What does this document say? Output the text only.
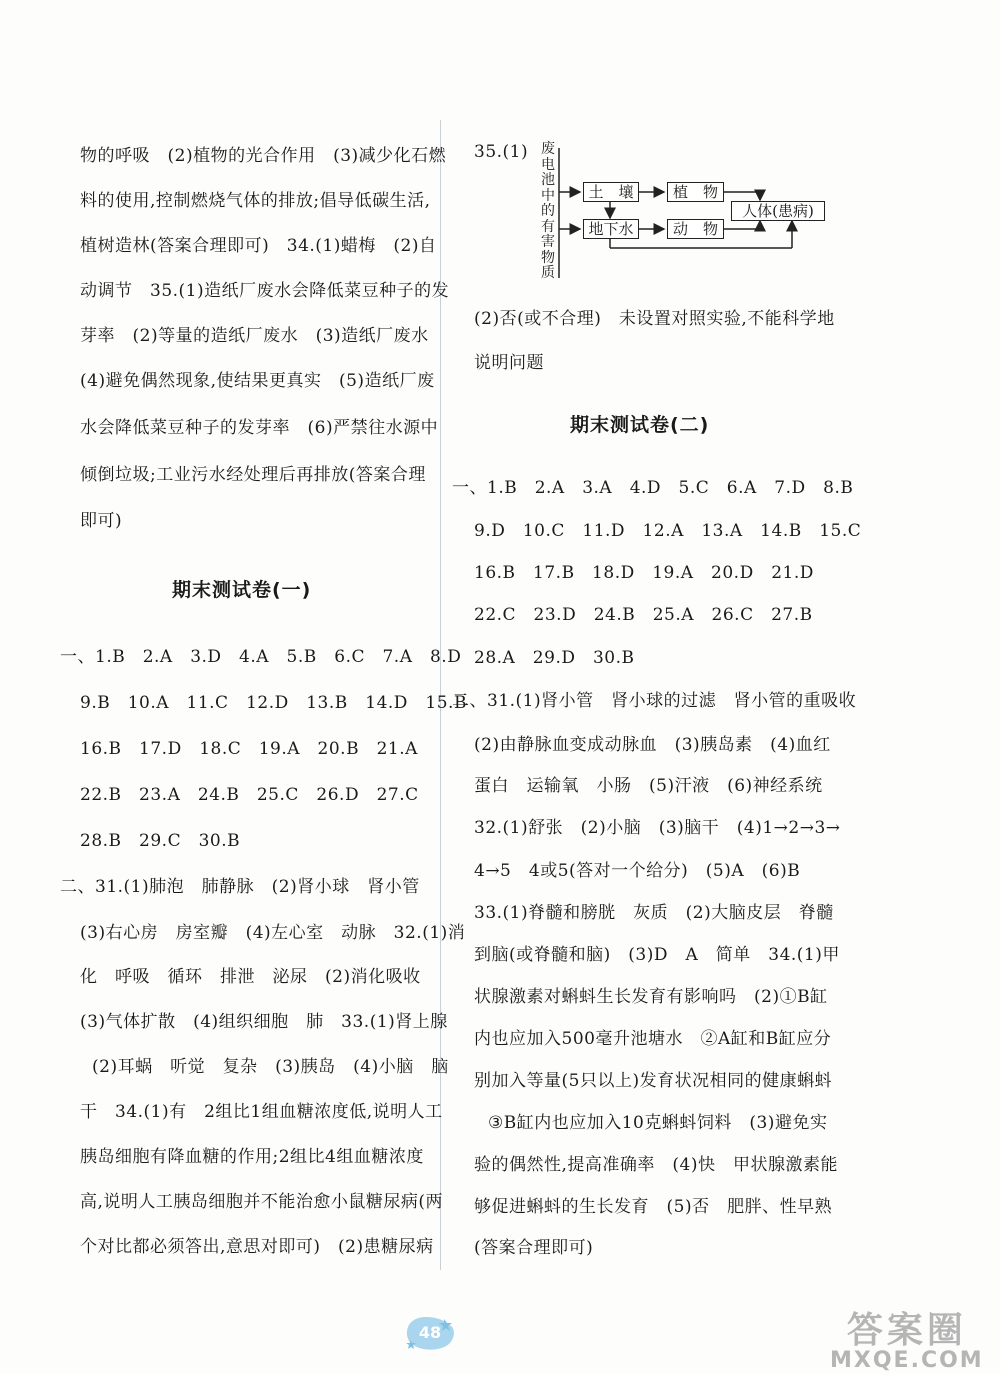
物的呼吸　(2)植物的光合作用　(3)减少化石燃
料的使用,控制燃烧气体的排放;倡导低碳生活,
植树造林(答案合理即可)　34.(1)蜡梅　(2)自
动调节　35.(1)造纸厂废水会降低菜豆种子的发
芽率　(2)等量的造纸厂废水　(3)造纸厂废水
(4)避免偶然现象,使结果更真实　(5)造纸厂废
水会降低菜豆种子的发芽率　(6)严禁往水源中
倾倒垃圾;工业污水经处理后再排放(答案合理
即可)
期末测试卷(一)
一、1.B　2.A　3.D　4.A　5.B　6.C　7.A　8.D
9.B　10.A　11.C　12.D　13.B　14.D　15.B
16.B　17.D　18.C　19.A　20.B　21.A
22.B　23.A　24.B　25.C　26.D　27.C
28.B　29.C　30.B
二、31.(1)肺泡　肺静脉　(2)肾小球　肾小管
(3)右心房　房室瓣　(4)左心室　动脉　32.(1)消
化　呼吸　循环　排泄　泌尿　(2)消化吸收
(3)气体扩散　(4)组织细胞　肺　33.(1)肾上腺
(2)耳蜗　听觉　复杂　(3)胰岛　(4)小脑　脑
干　34.(1)有　2组比1组血糖浓度低,说明人工
胰岛细胞有降血糖的作用;2组比4组血糖浓度
高,说明人工胰岛细胞并不能治愈小鼠糖尿病(两
个对比都必须答出,意思对即可)　(2)患糖尿病
35.(1) 废电池中的有害物质
土　壤	植　物
地下水	动　物
人体(患病)
(2)否(或不合理)　未设置对照实验,不能科学地
说明问题
期末测试卷(二)
一、1.B　2.A　3.A　4.D　5.C　6.A　7.D　8.B
9.D　10.C　11.D　12.A　13.A　14.B　15.C
16.B　17.B　18.D　19.A　20.D　21.D
22.C　23.D　24.B　25.A　26.C　27.B
28.A　29.D　30.B
二、31.(1)肾小管　肾小球的过滤　肾小管的重吸收
(2)由静脉血变成动脉血　(3)胰岛素　(4)血红
蛋白　运输氧　小肠　(5)汗液　(6)神经系统
32.(1)舒张　(2)小脑　(3)脑干　(4)1→2→3→
4→5　4或5(答对一个给分)　(5)A　(6)B
33.(1)脊髓和膀胱　灰质　(2)大脑皮层　脊髓
到脑(或脊髓和脑)　(3)D　A　简单　34.(1)甲
状腺激素对蝌蚪生长发育有影响吗　(2)①B缸
内也应加入500毫升池塘水　②A缸和B缸应分
别加入等量(5只以上)发育状况相同的健康蝌蚪
③B缸内也应加入10克蝌蚪饲料　(3)避免实
验的偶然性,提高准确率　(4)快　甲状腺激素能
够促进蝌蚪的生长发育　(5)否　肥胖、性早熟
(答案合理即可)
48	答案圈
MXQE.COM
